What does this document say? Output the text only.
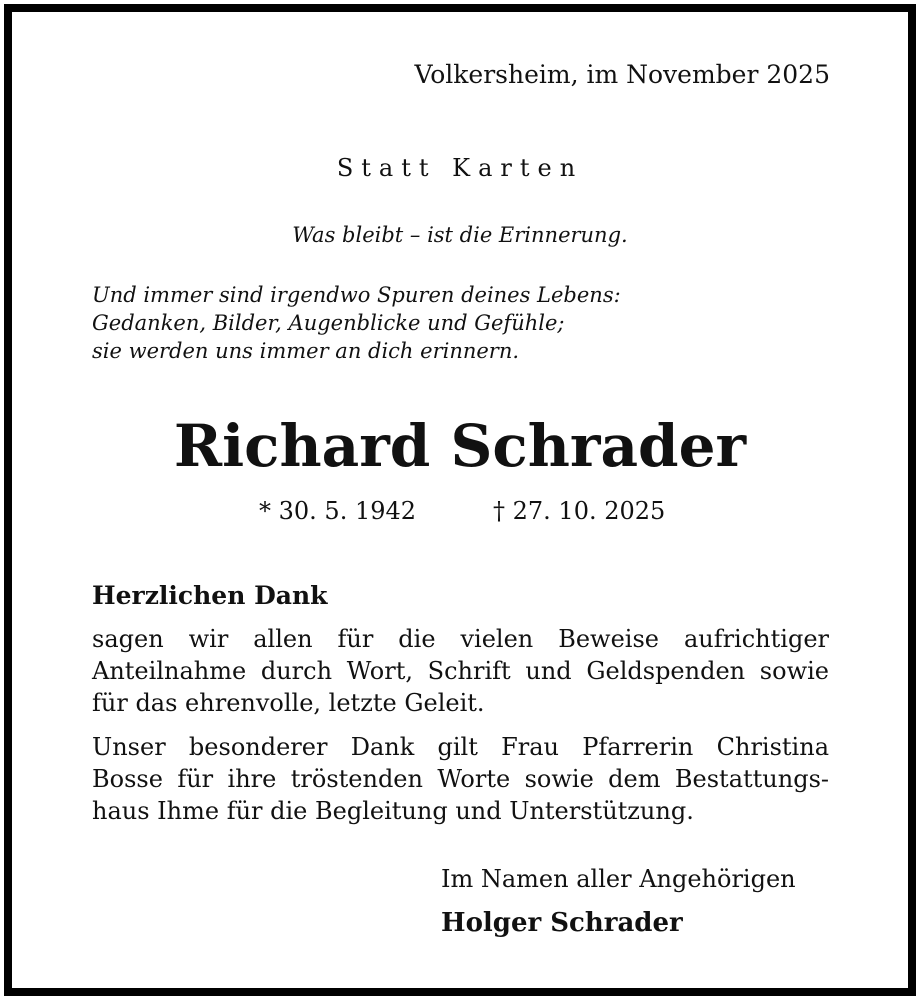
Volkersheim, im November 2025

Statt Karten

Was bleibt – ist die Erinnerung.

Und immer sind irgendwo Spuren deines Lebens:
Gedanken, Bilder, Augenblicke und Gefühle;
sie werden uns immer an dich erinnern.
Richard Schrader

* 30. 5. 1942	† 27. 10. 2025

Herzlichen Dank
sagen wir allen für die vielen Beweise aufrichtiger
Anteilnahme durch Wort, Schrift und Geldspenden sowie
für das ehrenvolle, letzte Geleit.
Unser besonderer Dank gilt Frau Pfarrerin Christina
Bosse für ihre tröstenden Worte sowie dem Bestattungs-
haus Ihme für die Begleitung und Unterstützung.

Im Namen aller Angehörigen

Holger Schrader
